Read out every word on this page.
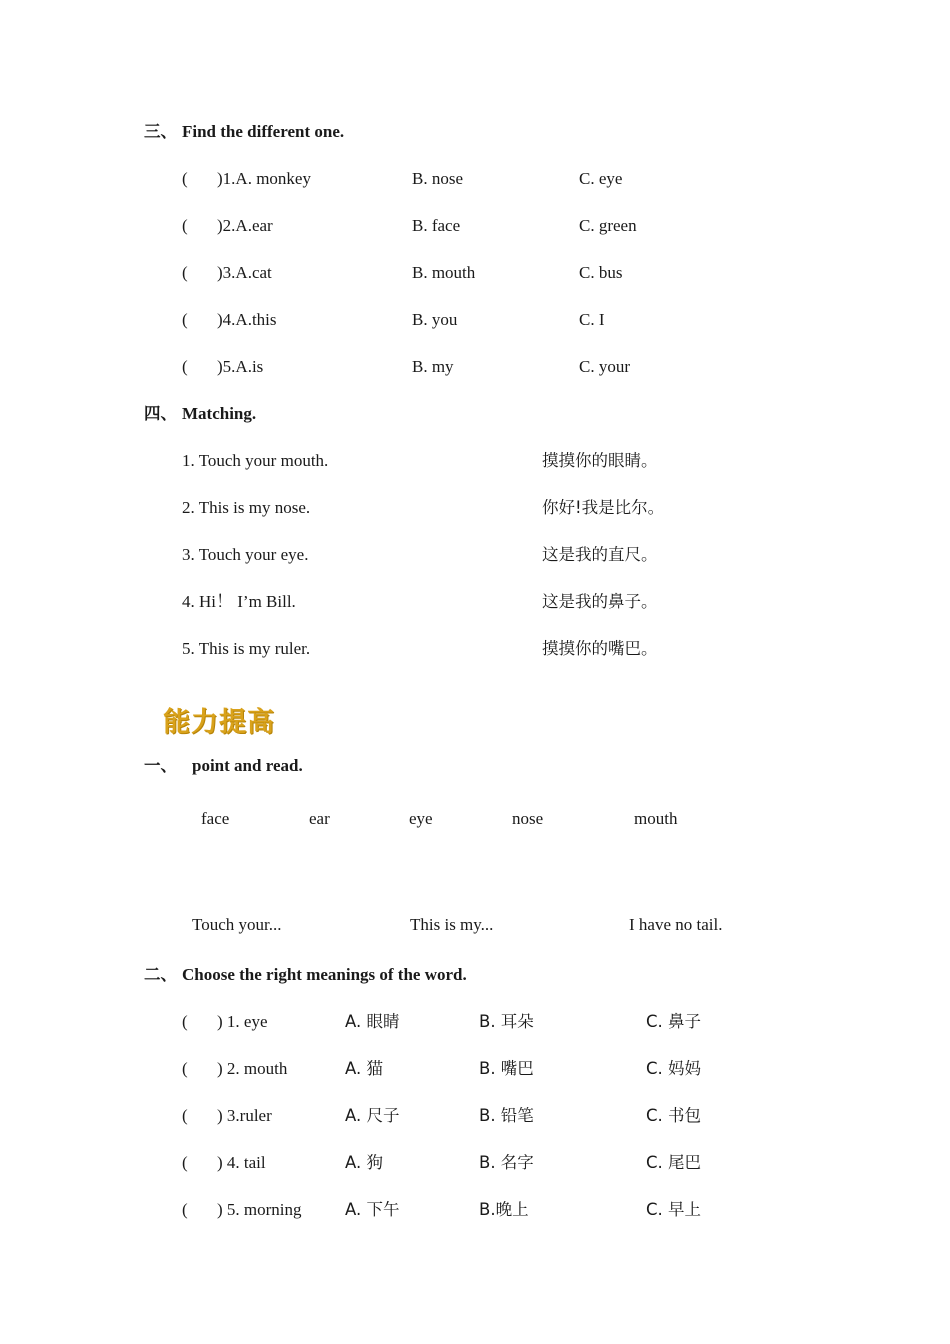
三、 Find the different one.
( )1.A. monkey	B. nose	C. eye
( )2.A.ear	B. face	C. green
( )3.A.cat	B. mouth	C. bus
( )4.A.this	B. you	C. I
( )5.A.is	B. my	C. your
四、 Matching.
1. Touch your mouth.	摸摸你的眼睛。
2. This is my nose.	你好!我是比尔。
3. Touch your eye.	这是我的直尺。
4. Hi！ I’m Bill.	这是我的鼻子。
5. This is my ruler.	摸摸你的嘴巴。
能力提高
一、 point and read.
face	ear	eye	nose	mouth
Touch your...	This is my...	I have no tail.
二、 Choose the right meanings of the word.
( ) 1. eye	A. 眼睛	B. 耳朵	C. 鼻子
( ) 2. mouth	A. 猫	B. 嘴巴	C. 妈妈
( ) 3.ruler	A. 尺子	B. 铅笔	C. 书包
( ) 4. tail	A. 狗	B. 名字	C. 尾巴
( ) 5. morning	A. 下午	B.晚上	C. 早上
